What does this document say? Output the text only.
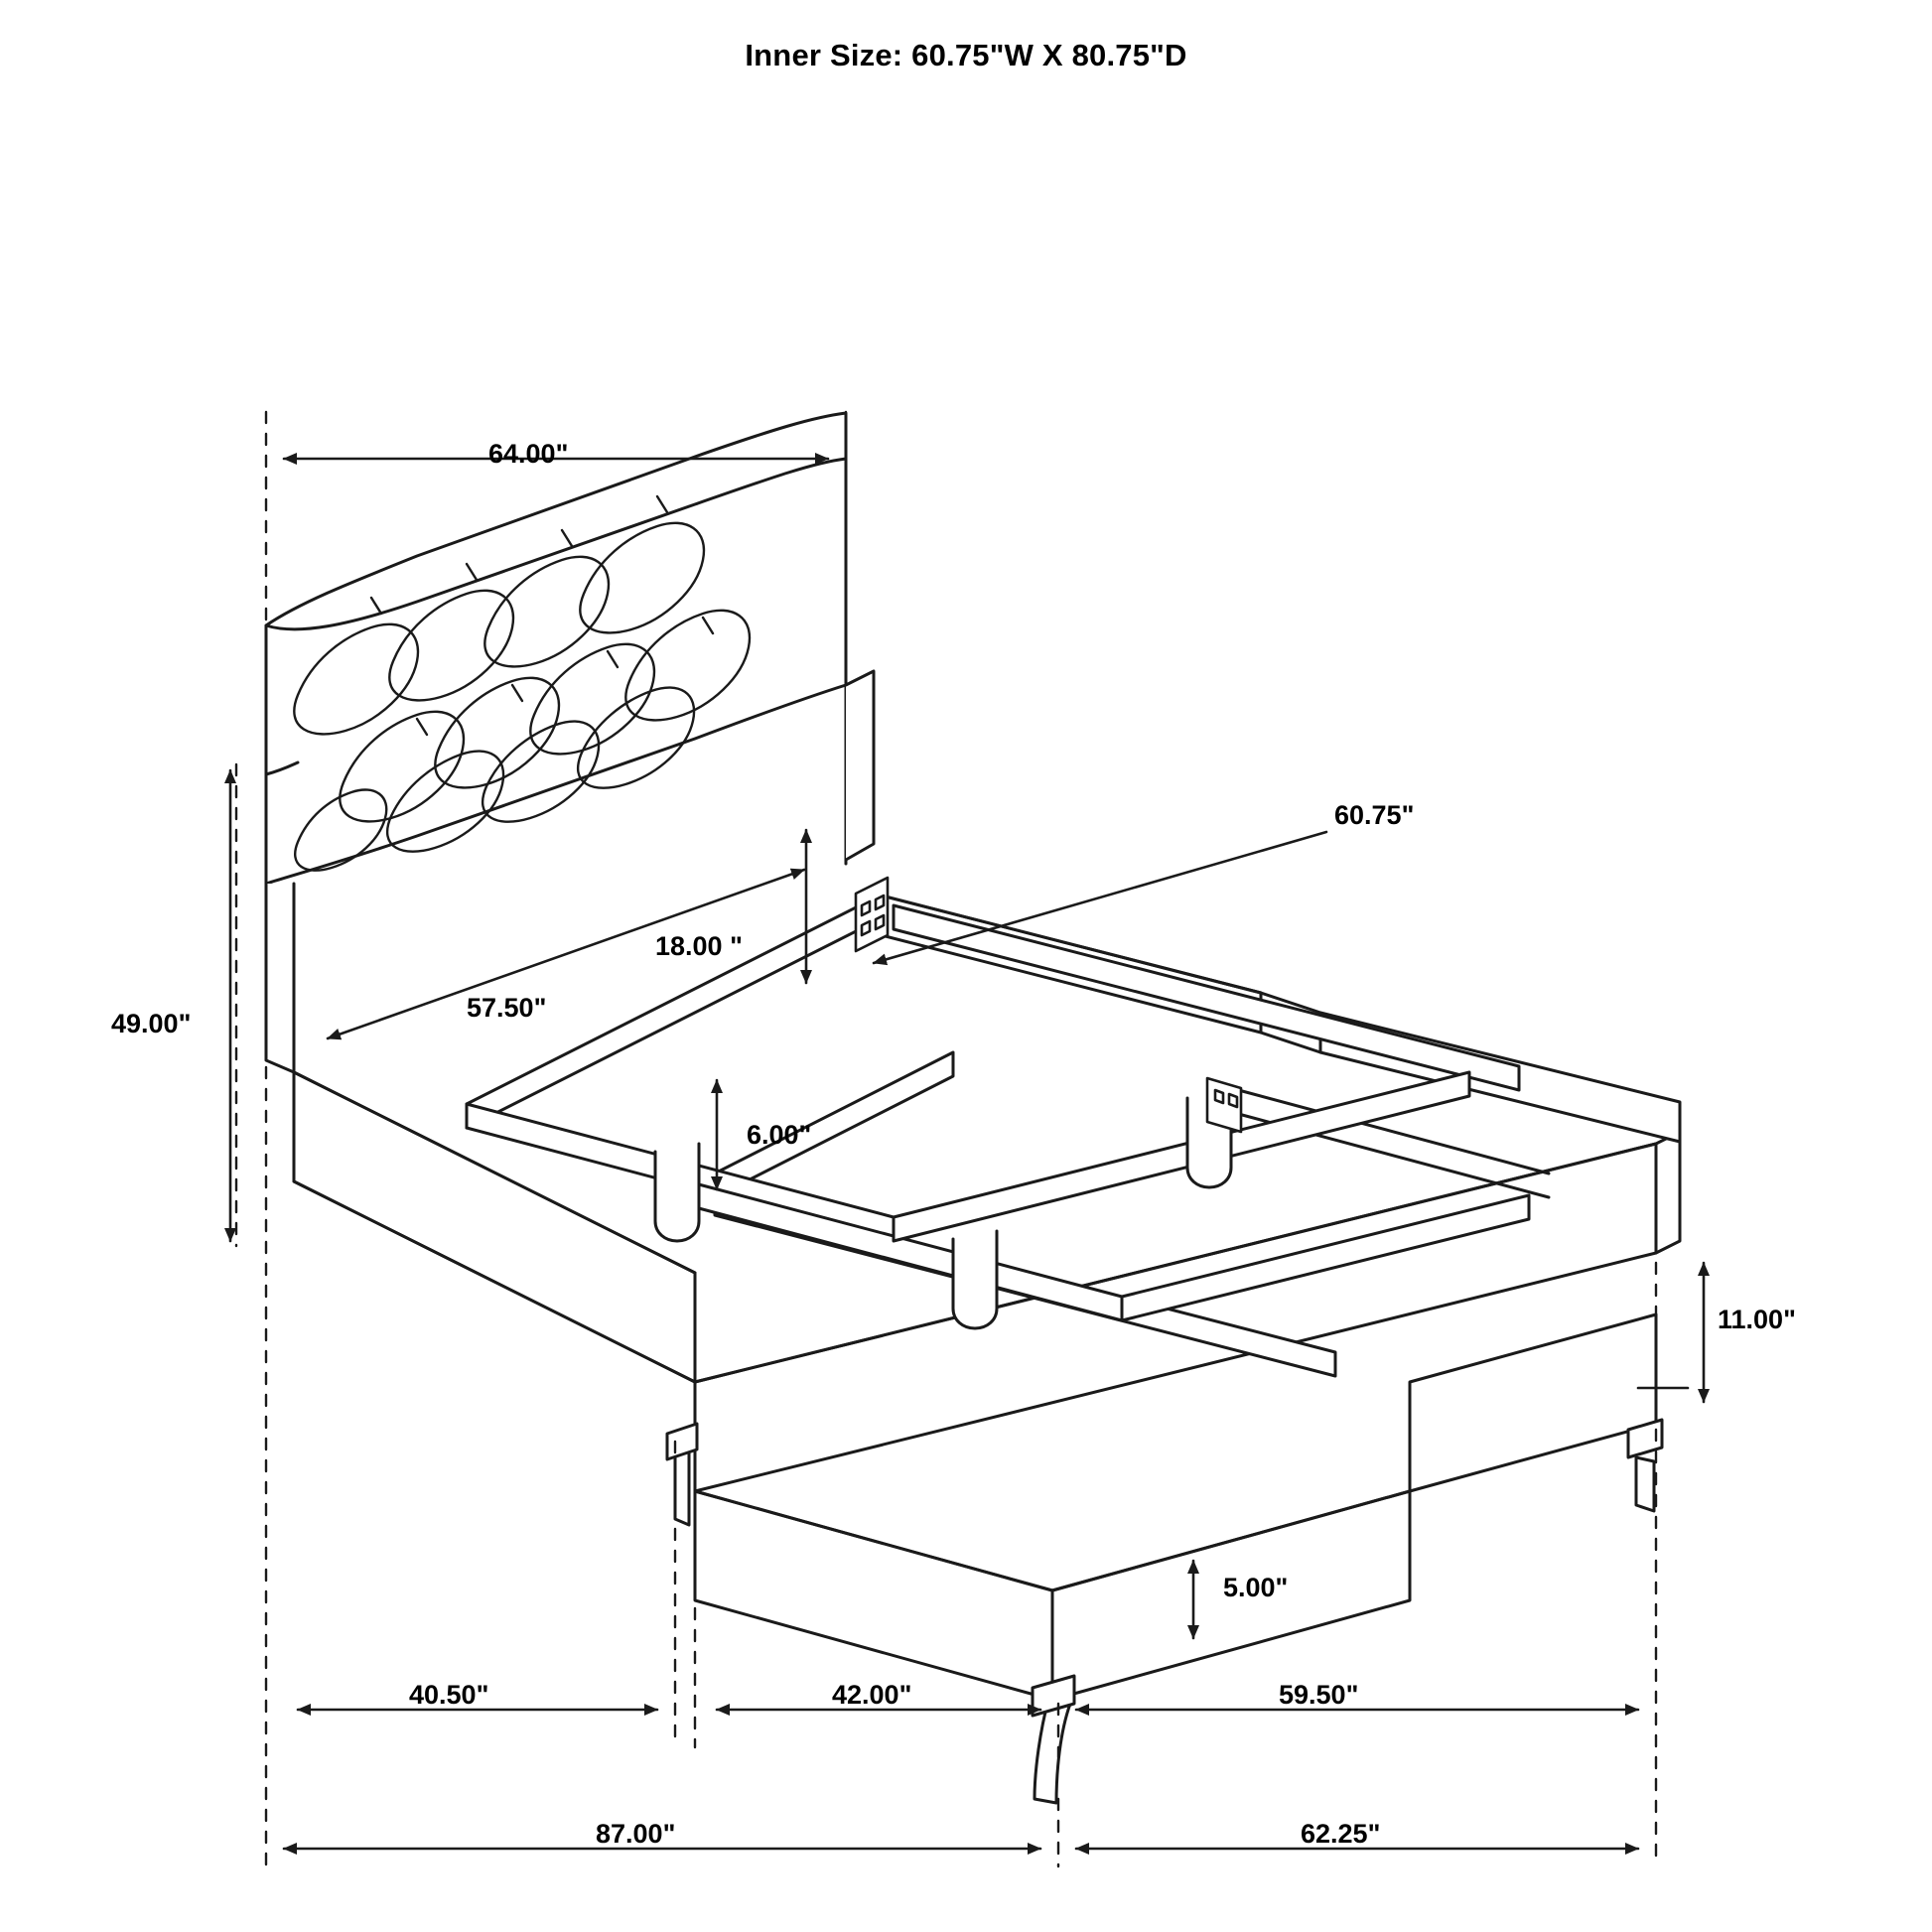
Inner Size: 60.75"W X 80.75"D
64.00"
49.00"
57.50"
18.00 "
60.75"
6.00"
11.00"
5.00"
40.50"	42.00"	59.50"
87.00"	62.25"
